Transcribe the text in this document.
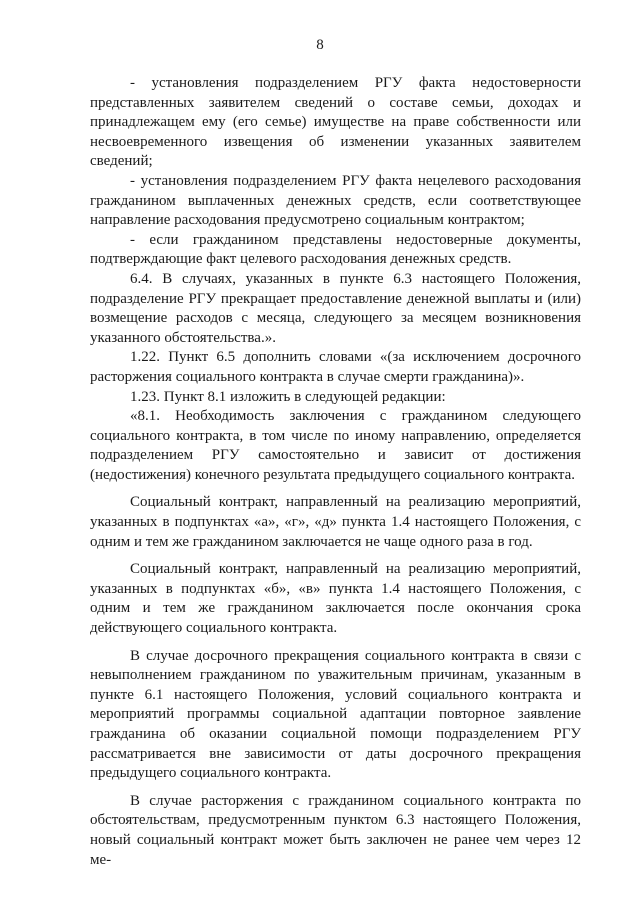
8

- установления подразделением РГУ факта недостоверности представленных заявителем сведений о составе семьи, доходах и принадлежащем ему (его семье) имуществе на праве собственности или несвоевременного извещения об изменении указанных заявителем сведений;

- установления подразделением РГУ факта нецелевого расходования гражданином выплаченных денежных средств, если соответствующее направление расходования предусмотрено социальным контрактом;

- если гражданином представлены недостоверные документы, подтверждающие факт целевого расходования денежных средств.

6.4. В случаях, указанных в пункте 6.3 настоящего Положения, подразделение РГУ прекращает предоставление денежной выплаты и (или) возмещение расходов с месяца, следующего за месяцем возникновения указанного обстоятельства.».

1.22. Пункт 6.5 дополнить словами «(за исключением досрочного расторжения социального контракта в случае смерти гражданина)».

1.23. Пункт 8.1 изложить в следующей редакции:

«8.1. Необходимость заключения с гражданином следующего социального контракта, в том числе по иному направлению, определяется подразделением РГУ самостоятельно и зависит от достижения (недостижения) конечного результата предыдущего социального контракта.

Социальный контракт, направленный на реализацию мероприятий, указанных в подпунктах «а», «г», «д» пункта 1.4 настоящего Положения, с одним и тем же гражданином заключается не чаще одного раза в год.

Социальный контракт, направленный на реализацию мероприятий, указанных в подпунктах «б», «в» пункта 1.4 настоящего Положения, с одним и тем же гражданином заключается после окончания срока действующего социального контракта.

В случае досрочного прекращения социального контракта в связи с невыполнением гражданином по уважительным причинам, указанным в пункте 6.1 настоящего Положения, условий социального контракта и мероприятий программы социальной адаптации повторное заявление гражданина об оказании социальной помощи подразделением РГУ рассматривается вне зависимости от даты досрочного прекращения предыдущего социального контракта.

В случае расторжения с гражданином социального контракта по обстоятельствам, предусмотренным пунктом 6.3 настоящего Положения, новый социальный контракт может быть заключен не ранее чем через 12 ме-
